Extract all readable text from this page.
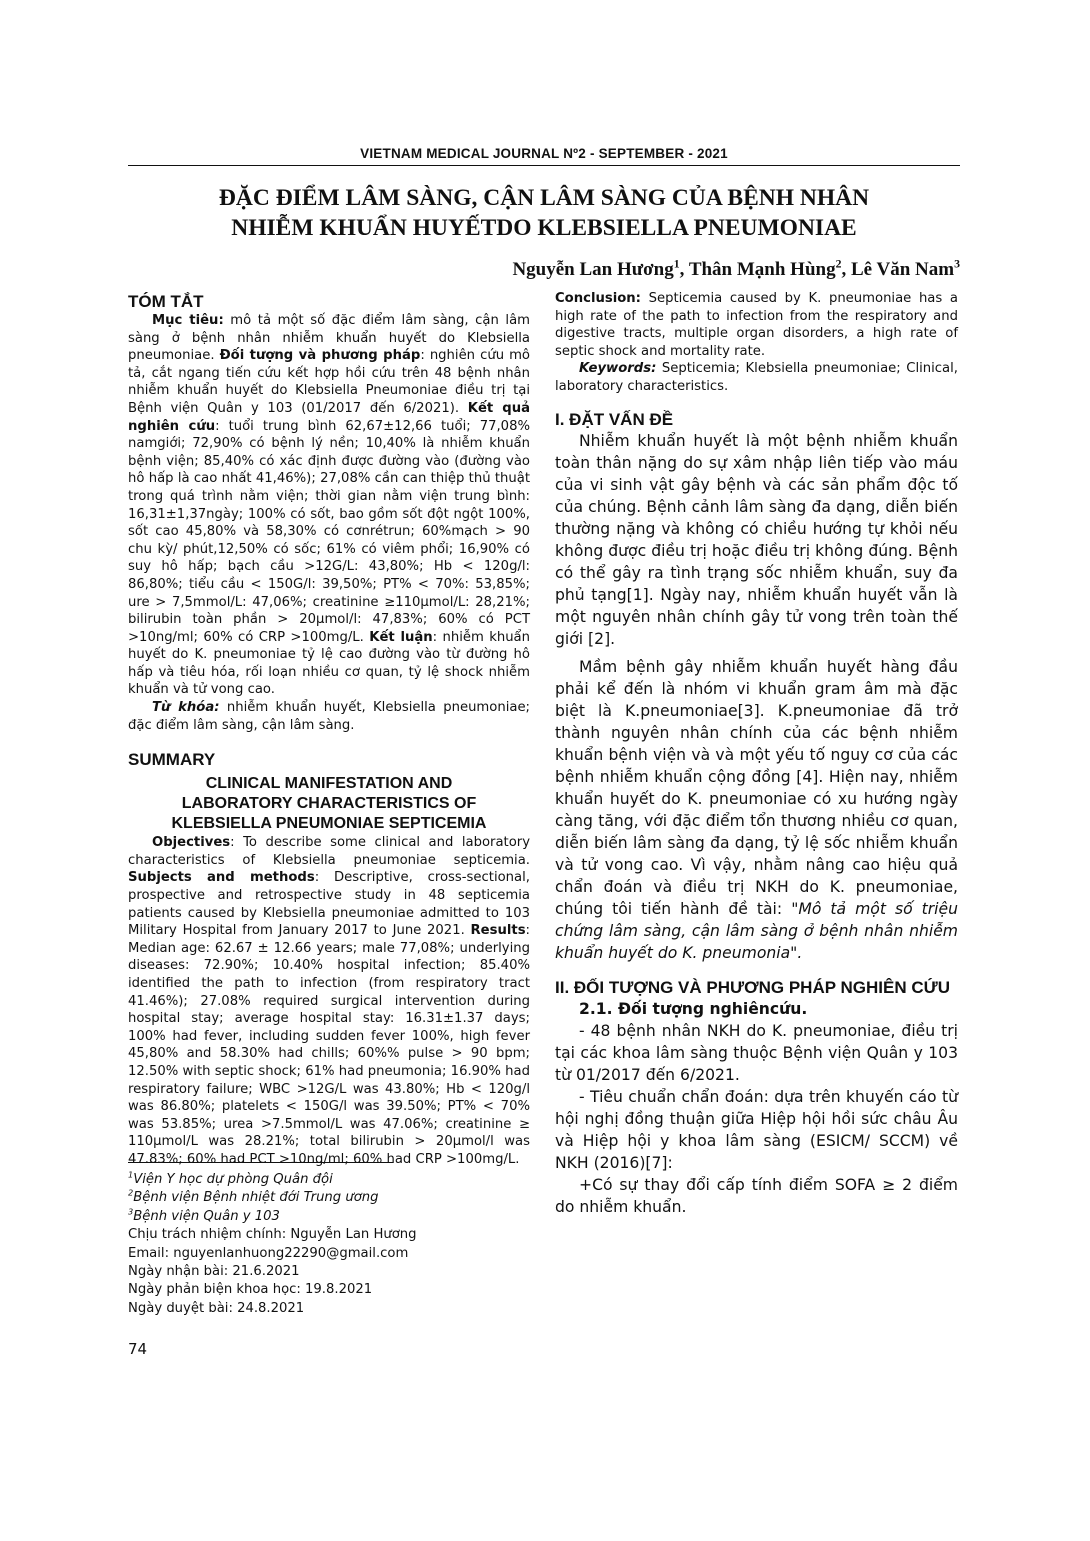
VIETNAM MEDICAL JOURNAL Nº2 - SEPTEMBER - 2021
ĐẶC ĐIỂM LÂM SÀNG, CẬN LÂM SÀNG CỦA BỆNH NHÂN
NHIỄM KHUẨN HUYẾTDO KLEBSIELLA PNEUMONIAE
Nguyễn Lan Hương$^1$, Thân Mạnh Hùng$^2$, Lê Văn Nam$^3$
TÓM TẮT

Mục tiêu: mô tả một số đặc điểm lâm sàng, cận lâm sàng ở bệnh nhân nhiễm khuẩn huyết do Klebsiella pneumoniae. Đối tượng và phương pháp: nghiên cứu mô tả, cắt ngang tiến cứu kết hợp hồi cứu trên 48 bệnh nhân nhiễm khuẩn huyết do Klebsiella Pneumoniae điều trị tại Bệnh viện Quân y 103 (01/2017 đến 6/2021). Kết quả nghiên cứu: tuổi trung bình 62,67±12,66 tuổi; 77,08% namgiới; 72,90% có bệnh lý nền; 10,40% là nhiễm khuẩn bệnh viện; 85,40% có xác định được đường vào (đường vào hô hấp là cao nhất 41,46%); 27,08% cần can thiệp thủ thuật trong quá trình nằm viện; thời gian nằm viện trung bình: 16,31±1,37ngày; 100% có sốt, bao gồm sốt đột ngột 100%, sốt cao 45,80% và 58,30% có cơnrétrun; 60%mạch > 90 chu kỳ/ phút,12,50% có sốc; 61% có viêm phổi; 16,90% có suy hô hấp; bạch cầu >12G/L: 43,80%; Hb < 120g/l: 86,80%; tiểu cầu < 150G/l: 39,50%; PT% < 70%: 53,85%; ure > 7,5mmol/L: 47,06%; creatinine ≥110μmol/L: 28,21%; bilirubin toàn phần > 20μmol/l: 47,83%; 60% có PCT >10ng/ml; 60% có CRP >100mg/L. Kết luận: nhiễm khuẩn huyết do K. pneumoniae tỷ lệ cao đường vào từ đường hô hấp và tiêu hóa, rối loạn nhiều cơ quan, tỷ lệ shock nhiễm khuẩn và tử vong cao.

Từ khóa: nhiễm khuẩn huyết, Klebsiella pneumoniae; đặc điểm lâm sàng, cận lâm sàng.

SUMMARY
CLINICAL MANIFESTATION AND
LABORATORY CHARACTERISTICS OF
KLEBSIELLA PNEUMONIAE SEPTICEMIA

Objectives: To describe some clinical and laboratory characteristics of Klebsiella pneumoniae septicemia. Subjects and methods: Descriptive, cross-sectional, prospective and retrospective study in 48 septicemia patients caused by Klebsiella pneumoniae admitted to 103 Military Hospital from January 2017 to June 2021. Results: Median age: 62.67 ± 12.66 years; male 77,08%; underlying diseases: 72.90%; 10.40% hospital infection; 85.40% identified the path to infection (from respiratory tract 41.46%); 27.08% required surgical intervention during hospital stay; average hospital stay: 16.31±1.37 days; 100% had fever, including sudden fever 100%, high fever 45,80% and 58.30% had chills; 60%% pulse > 90 bpm; 12.50% with septic shock; 61% had pneumonia; 16.90% had respiratory failure; WBC >12G/L was 43.80%; Hb < 120g/l was 86.80%; platelets < 150G/l was 39.50%; PT% < 70% was 53.85%; urea >7.5mmol/L was 47.06%; creatinine ≥ 110μmol/L was 28.21%; total bilirubin > 20μmol/l was 47.83%; 60% had PCT >10ng/ml; 60% had CRP >100mg/L.

$^1$Viện Y học dự phòng Quân đội
$^2$Bệnh viện Bệnh nhiệt đới Trung ương
$^3$Bệnh viện Quân y 103
Chịu trách nhiệm chính: Nguyễn Lan Hương
Email: nguyenlanhuong22290@gmail.com
Ngày nhận bài: 21.6.2021
Ngày phản biện khoa học: 19.8.2021
Ngày duyệt bài: 24.8.2021
74

Conclusion: Septicemia caused by K. pneumoniae has a high rate of the path to infection from the respiratory and digestive tracts, multiple organ disorders, a high rate of septic shock and mortality rate.

Keywords: Septicemia; Klebsiella pneumoniae; Clinical, laboratory characteristics.

I. ĐẶT VẤN ĐỀ

Nhiễm khuẩn huyết là một bệnh nhiễm khuẩn toàn thân nặng do sự xâm nhập liên tiếp vào máu của vi sinh vật gây bệnh và các sản phẩm độc tố của chúng. Bệnh cảnh lâm sàng đa dạng, diễn biến thường nặng và không có chiều hướng tự khỏi nếu không được điều trị hoặc điều trị không đúng. Bệnh có thể gây ra tình trạng sốc nhiễm khuẩn, suy đa phủ tạng[1]. Ngày nay, nhiễm khuẩn huyết vẫn là một nguyên nhân chính gây tử vong trên toàn thế giới [2].

Mầm bệnh gây nhiễm khuẩn huyết hàng đầu phải kể đến là nhóm vi khuẩn gram âm mà đặc biệt là K.pneumoniae[3]. K.pneumoniae đã trở thành nguyên nhân chính của các bệnh nhiễm khuẩn bệnh viện và và một yếu tố nguy cơ của các bệnh nhiễm khuẩn cộng đồng [4]. Hiện nay, nhiễm khuẩn huyết do K. pneumoniae có xu hướng ngày càng tăng, với đặc điểm tổn thương nhiều cơ quan, diễn biến lâm sàng đa dạng, tỷ lệ sốc nhiễm khuẩn và tử vong cao. Vì vậy, nhằm nâng cao hiệu quả chẩn đoán và điều trị NKH do K. pneumoniae, chúng tôi tiến hành đề tài: "Mô tả một số triệu chứng lâm sàng, cận lâm sàng ở bệnh nhân nhiễm khuẩn huyết do K. pneumonia".

II. ĐỐI TƯỢNG VÀ PHƯƠNG PHÁP NGHIÊN CỨU

2.1. Đối tượng nghiêncứu.

- 48 bệnh nhân NKH do K. pneumoniae, điều trị tại các khoa lâm sàng thuộc Bệnh viện Quân y 103 từ 01/2017 đến 6/2021.

- Tiêu chuẩn chẩn đoán: dựa trên khuyến cáo từ hội nghị đồng thuận giữa Hiệp hội hồi sức châu Âu và Hiệp hội y khoa lâm sàng (ESICM/ SCCM) về NKH (2016)[7]:

+Có sự thay đổi cấp tính điểm SOFA ≥ 2 điểm do nhiễm khuẩn.
